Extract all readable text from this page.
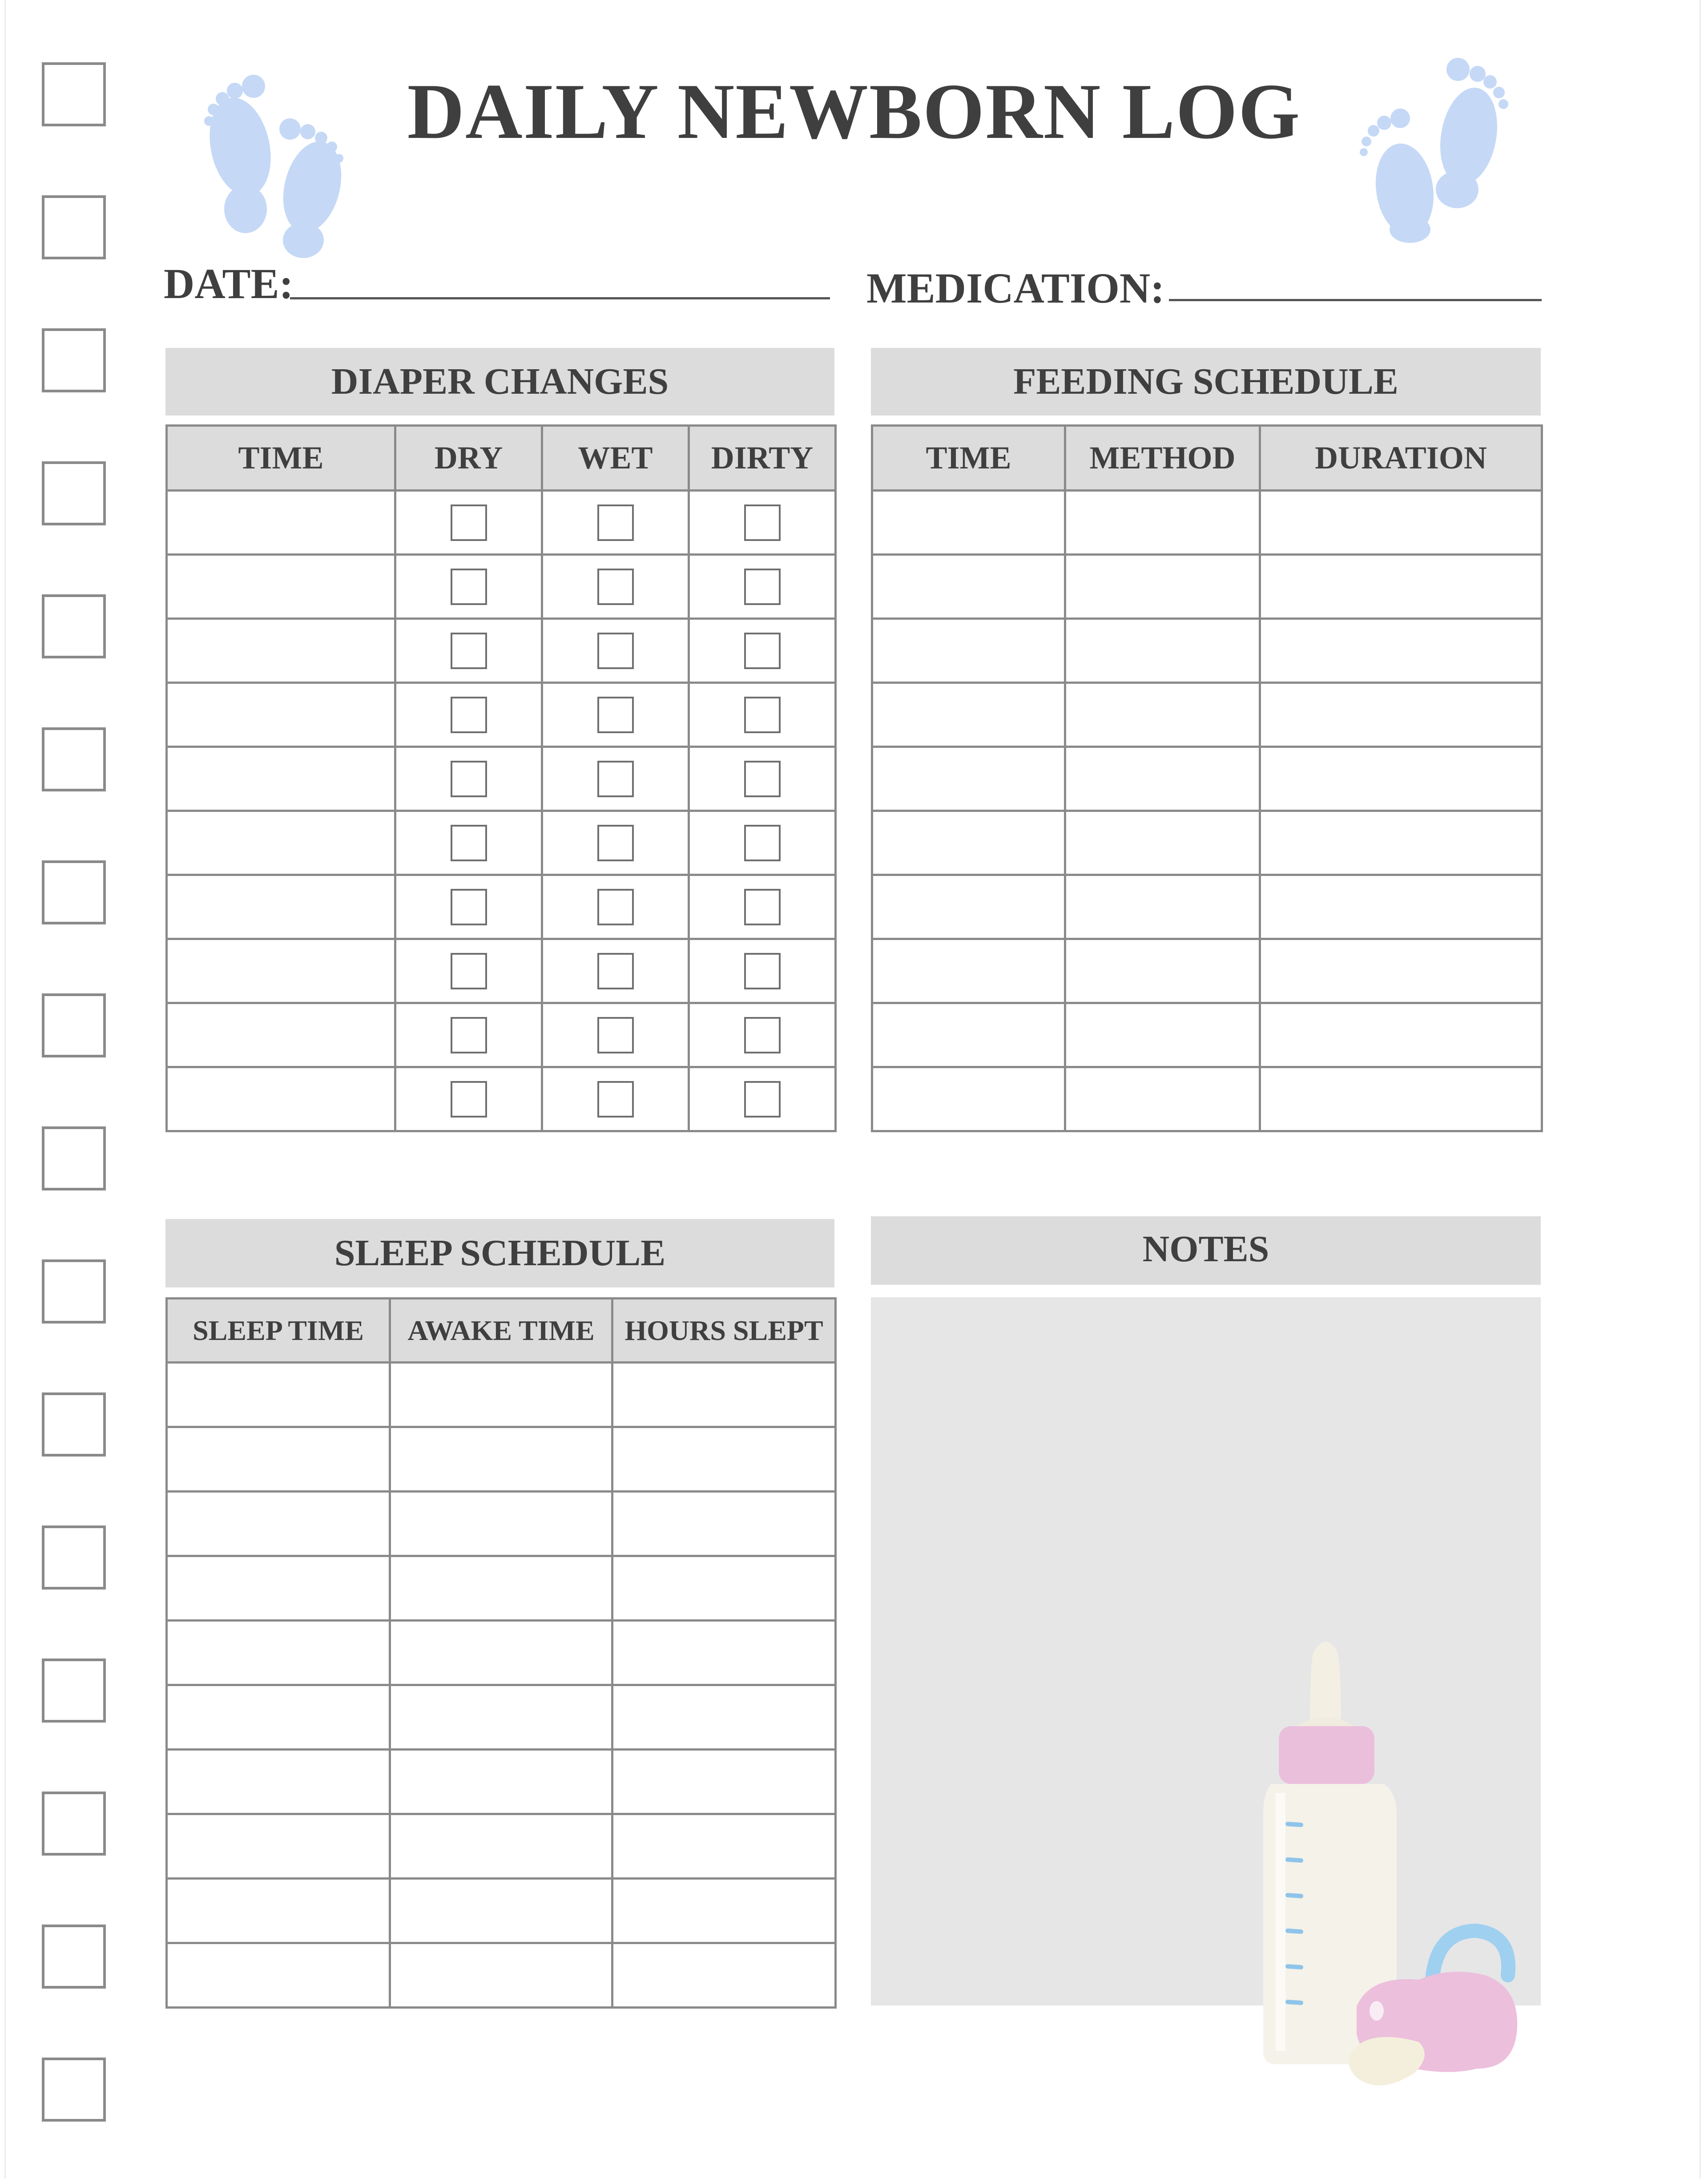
DAILY NEWBORN LOG
DATE:	MEDICATION:
DIAPER CHANGES	FEEDING SCHEDULE
SLEEP SCHEDULE	NOTES
TIME	DRY	WET	DIRTY

				TIME	METHOD	DURATION

SLEEP TIME	AWAKE TIME	HOURS SLEPT
